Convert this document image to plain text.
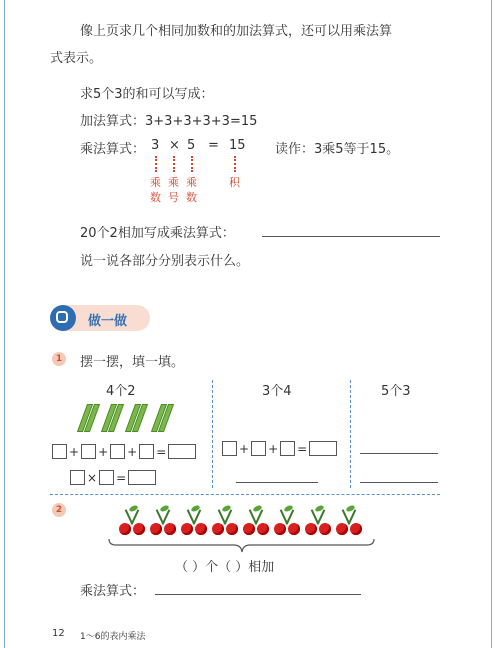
像上页求几个相同加数和的加法算式，还可以用乘法算
式表示。
求5个3的和可以写成：
加法算式：3+3+3+3+3=15
乘法算式： 3 × 5 = 15 读作：3乘5等于15。
乘
数
乘
号
乘
数
积
20个2相加写成乘法算式：
说一说各部分分别表示什么。
做一做
1 摆一摆，填一填。
4个2	3个4	5个3
+ + + =
× =
+ + =
2
（ ）个（ ）相加
乘法算式：
12 1～6的表内乘法
